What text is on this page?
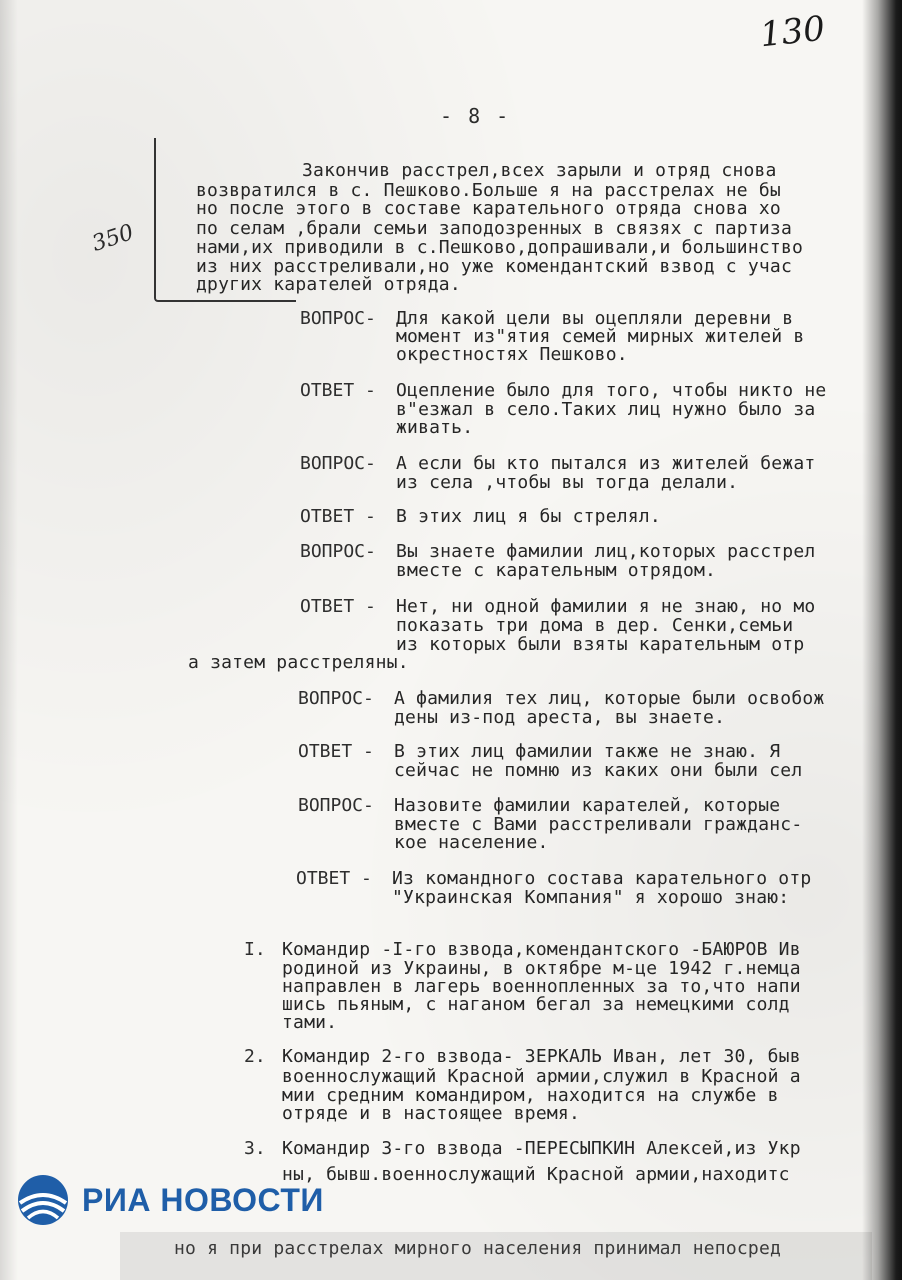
130
350
- 8 -
Закончив расстрел,всех зарыли и отряд снова
возвратился в с. Пешково.Больше я на расстрелах не бы
но после этого в составе карательного отряда снова хо
по селам ,брали семьи заподозренных в связях с партиза
нами,их приводили в с.Пешково,допрашивали,и большинство
из них расстреливали,но уже комендантский взвод с учас
других карателей отряда.
ВОПРОС- Для какой цели вы оцепляли деревни в
момент из"ятия семей мирных жителей в
окрестностях Пешково.
ОТВЕТ - Оцепление было для того, чтобы никто не
в"езжал в село.Таких лиц нужно было за
живать.
ВОПРОС- А если бы кто пытался из жителей бежат
из села ,чтобы вы тогда делали.
ОТВЕТ - В этих лиц я бы стрелял.
ВОПРОС- Вы знаете фамилии лиц,которых расстрел
вместе с карательным отрядом.
ОТВЕТ - Нет, ни одной фамилии я не знаю, но мо
показать три дома в дер. Сенки,семьи
из которых были взяты карательным отр
а затем расстреляны.
ВОПРОС- А фамилия тех лиц, которые были освобож
дены из-под ареста, вы знаете.
ОТВЕТ - В этих лиц фамилии также не знаю. Я
сейчас не помню из каких они были сел
ВОПРОС- Назовите фамилии карателей, которые
вместе с Вами расстреливали гражданс-
кое население.
ОТВЕТ - Из командного состава карательного отр
"Украинская Компания" я хорошо знаю:
I. Командир -I-го взвода,комендантского -БАЮРОВ Ив
родиной из Украины, в октябре м-це 1942 г.немца
направлен в лагерь военнопленных за то,что напи
шись пьяным, с наганом бегал за немецкими солд
тами.
2. Командир 2-го взвода- ЗЕРКАЛЬ Иван, лет 30, быв
военнослужащий Красной армии,служил в Красной а
мии средним командиром, находится на службе в
отряде и в настоящее время.
3. Командир 3-го взвода -ПЕРЕСЫПКИН Алексей,из Укр
ны, бывш.военнослужащий Красной армии,находитс
но я при расстрелах мирного населения принимал непосред
РИА НОВОСТИ
